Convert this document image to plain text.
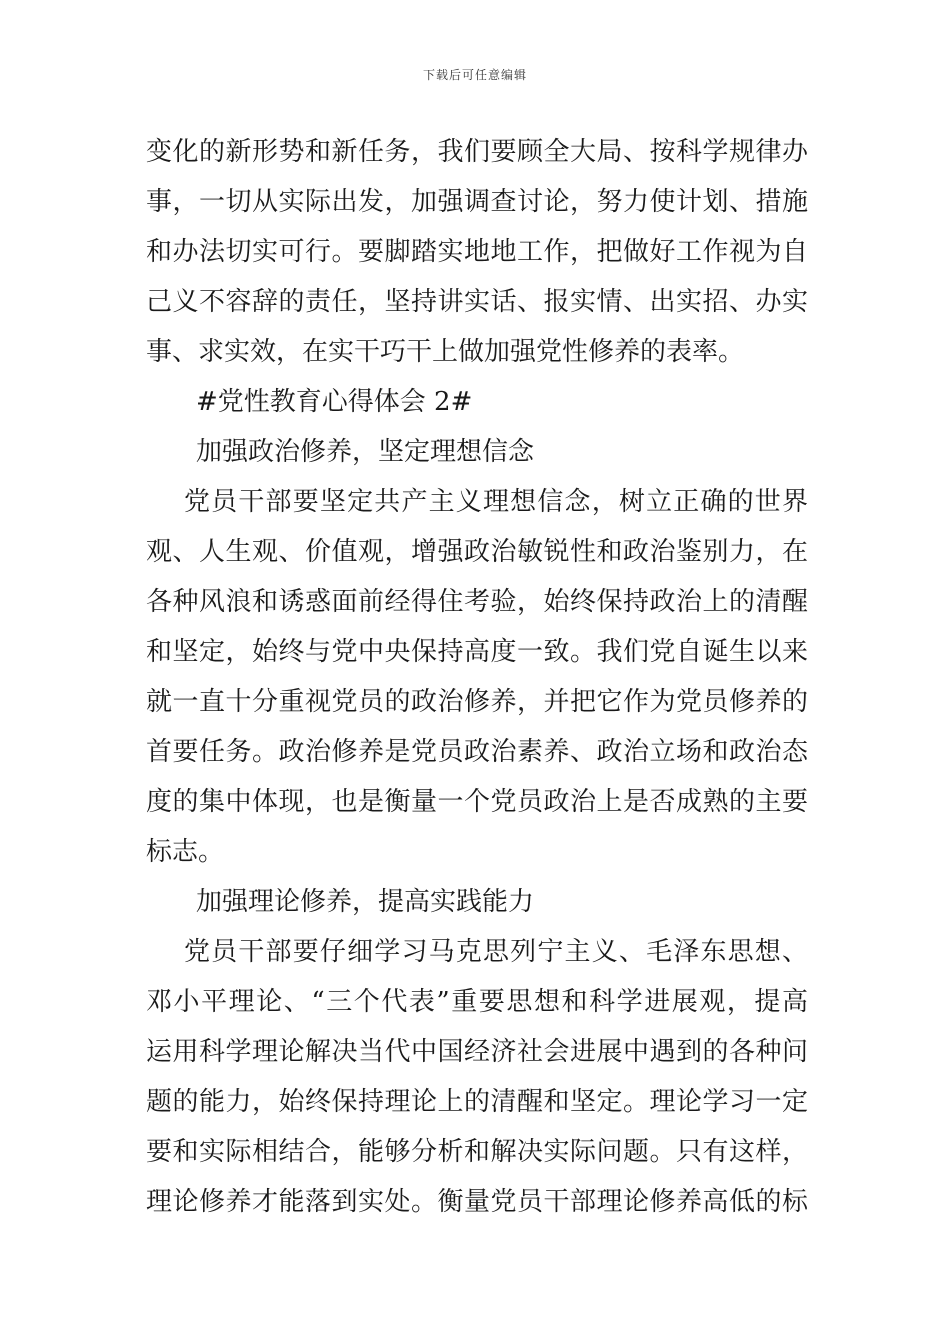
下载后可任意编辑
变化的新形势和新任务，我们要顾全大局、按科学规律办
事，一切从实际出发，加强调查讨论，努力使计划、措施
和办法切实可行。要脚踏实地地工作，把做好工作视为自
己义不容辞的责任，坚持讲实话、报实情、出实招、办实
事、求实效，在实干巧干上做加强党性修养的表率。
#党性教育心得体会 2#
加强政治修养，坚定理想信念
党员干部要坚定共产主义理想信念，树立正确的世界
观、人生观、价值观，增强政治敏锐性和政治鉴别力，在
各种风浪和诱惑面前经得住考验，始终保持政治上的清醒
和坚定，始终与党中央保持高度一致。我们党自诞生以来
就一直十分重视党员的政治修养，并把它作为党员修养的
首要任务。政治修养是党员政治素养、政治立场和政治态
度的集中体现，也是衡量一个党员政治上是否成熟的主要
标志。
加强理论修养，提高实践能力
党员干部要仔细学习马克思列宁主义、毛泽东思想、
邓小平理论、“三个代表”重要思想和科学进展观，提高
运用科学理论解决当代中国经济社会进展中遇到的各种问
题的能力，始终保持理论上的清醒和坚定。理论学习一定
要和实际相结合，能够分析和解决实际问题。只有这样，
理论修养才能落到实处。衡量党员干部理论修养高低的标
